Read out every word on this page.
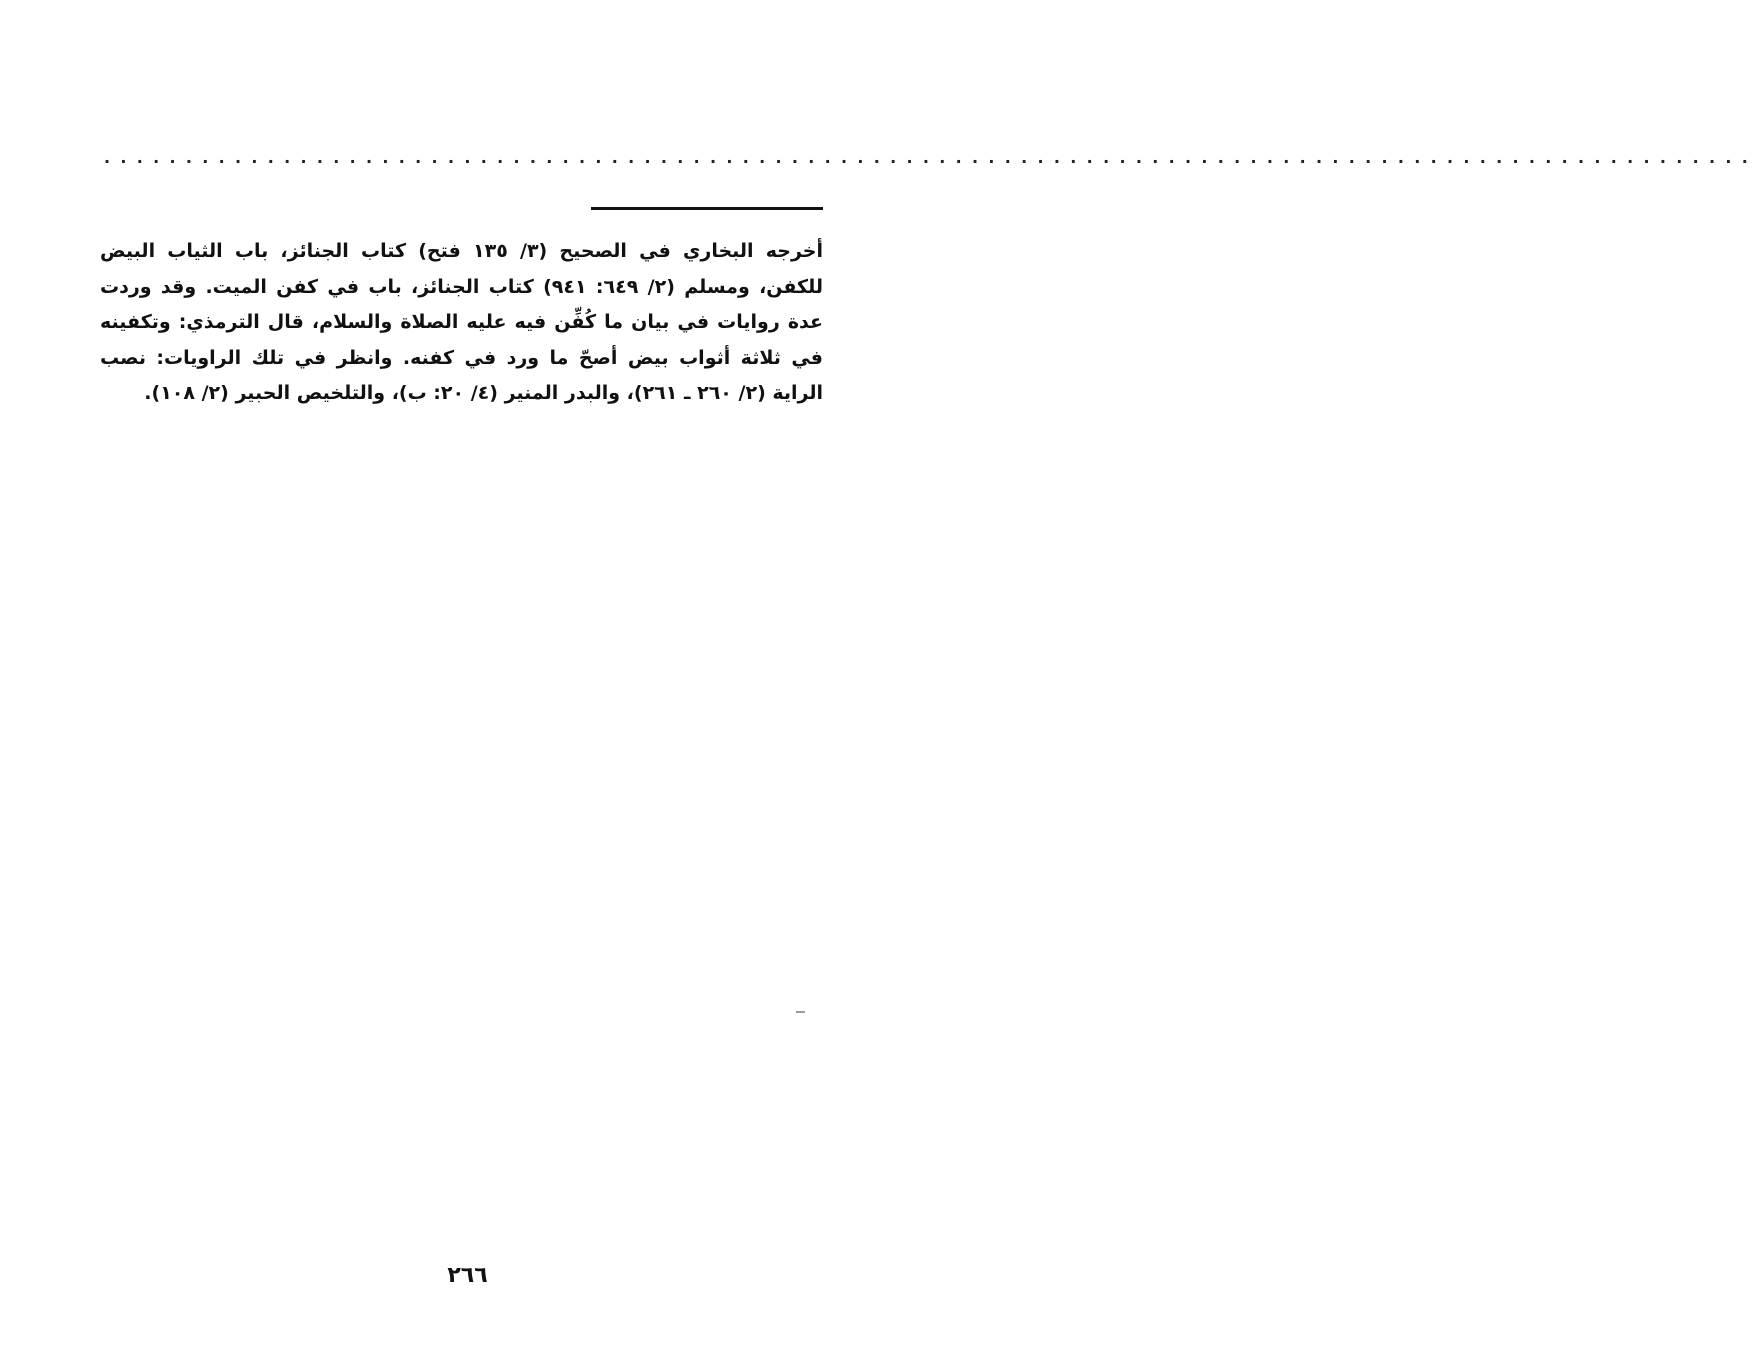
.....................................................................................................

أخرجه البخاري في الصحيح (٣/ ١٣٥ فتح) كتاب الجنائز، باب الثياب البيض للكفن، ومسلم (٢/ ٦٤٩: ٩٤١) كتاب الجنائز، باب في كفن الميت. وقد وردت عدة روايات في بيان ما كُفِّن فيه عليه الصلاة والسلام، قال الترمذي: وتكفينه في ثلاثة أثواب بيض أصحّ ما ورد في كفنه. وانظر في تلك الراويات: نصب الراية (٢/ ٢٦٠ ـ ٢٦١)، والبدر المنير (٤/ ٢٠: ب)، والتلخيص الحبير (٢/ ١٠٨).

٢٦٦
